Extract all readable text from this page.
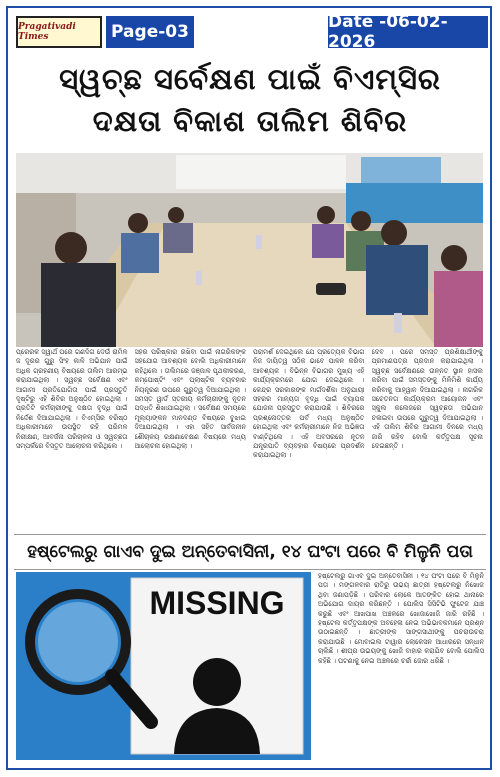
Pragativadi Times	Page-03	Date -06-02-2026
ସ୍ୱଚ୍ଛ ସର୍ବେକ୍ଷଣ ପାଇଁ ବିଏମ୍‌ସିର
ଦକ୍ଷତା ବିକାଶ ତାଲିମ ଶିବିର
ପ୍ରେରକ ସ୍ୱାର୍ଥ ପରେ ଗଣଦିଗ ଦେଉଁ ରାମିଳ ଜ ଦୂରର ଗୁରୁ ସିଂହ କାଳି ଅଭିଯାନ ପାଇଁ ଅଧିକ ଗ୍ରହଣୀୟ ବିଷୟରେ ତାଲିମ ଆରମ୍ଭ କରାଯାଇଥିଲା । ସ୍ୱଚ୍ଛ ସର୍ବେକ୍ଷଣ ଏବଂ ଆଗାମୀ ପ୍ରତିଯୋଗିତା ପାଇଁ ପ୍ରସ୍ତୁତି ଦୃଷ୍ଟିରୁ ଏହି ଶିବିର ଅନୁଷ୍ଠିତ ହୋଇଥିଲା । ପ୍ରତିଟି କର୍ମଚାରୀଙ୍କୁ ଦକ୍ଷତା ବୃଦ୍ଧି ପାଇଁ ନିର୍ଦ୍ଦେଶ ଦିଆଯାଇଥିଲା । ବିଏମ୍‌ସିର ବରିଷ୍ଠ ଅଧିକାରୀମାନେ ଉପସ୍ଥିତ ରହି ପରିମଳ ନିରୀକ୍ଷଣ, ଆବର୍ଜନା ପରିଚାଳନା ଓ ସ୍ୱଚ୍ଛତା ସମ୍ପର୍କରେ ବିସ୍ତୃତ ଆଲୋଚନା କରିଥିଲେ ।
ସହର ପରିଷ୍କାର ରଖିବା ପାଇଁ ନାଗରିକଙ୍କ ସହଯୋଗ ଆବଶ୍ୟକ ବୋଲି ଅଧିକାରୀମାନେ କହିଥିଲେ । ତାଲିମରେ ଜଞ୍ଜାଳ ପୃଥକୀକରଣ, କମ୍ପୋଷ୍ଟିଂ ଏବଂ ପ୍ଲାଷ୍ଟିକ ବ୍ୟବହାର ନିୟନ୍ତ୍ରଣ ଉପରେ ଗୁରୁତ୍ୱ ଦିଆଯାଇଥିଲା । ସମସ୍ତ ୱାର୍ଡ ସ୍ତରୀୟ କର୍ମଚାରୀଙ୍କୁ ନୂତନ ପଦ୍ଧତି ଶିଖାଯାଇଥିଲା । ସର୍ବେକ୍ଷଣ ସମୟରେ ମୂଲ୍ୟାଙ୍କନ ମାନଦଣ୍ଡ ବିଷୟରେ ବୁଝାଇ ଦିଆଯାଇଥିଲା । ଏହା ସହିତ ସାର୍ବଜନୀନ ଶୌଚାଳୟ ରକ୍ଷଣାବେକ୍ଷଣ ବିଷୟରେ ମଧ୍ୟ ଆଲୋଚନା ହୋଇଥିଲା ।
ପରାମର୍ଶ ଦେଇଥିଲେ ଯେ ପ୍ରତ୍ୟେକ ବିଭାଗ ନିଜ ଦାୟିତ୍ୱ ସଠିକ ଭାବେ ପାଳନ କରିବା ଆବଶ୍ୟକ । ବିଭିନ୍ନ ବିଭାଗର ମୁଖ୍ୟ ଏହି କାର୍ଯ୍ୟକ୍ରମରେ ଯୋଗ ଦେଇଥିଲେ । କେନ୍ଦ୍ର ସରକାରଙ୍କ ମାର୍ଗଦର୍ଶିକା ଅନୁଯାୟୀ ସହରର ମାନ୍ୟତା ବୃଦ୍ଧି ପାଇଁ ବ୍ୟାପକ ଯୋଜନା ପ୍ରସ୍ତୁତ କରାଯାଉଛି । ଶିବିରରେ ପ୍ରଶ୍ନୋତ୍ତର ପର୍ବ ମଧ୍ୟ ଅନୁଷ୍ଠିତ ହୋଇଥିଲା ଏବଂ କର୍ମଚାରୀମାନେ ନିଜ ଅଭିଜ୍ଞତା ବାଣ୍ଟିଥିଲେ । ଏହି ଅବସରରେ ନୂତନ ଯନ୍ତ୍ରପାତି ବ୍ୟବହାର ବିଷୟରେ ପ୍ରଦର୍ଶନ କରାଯାଇଥିଲା ।
ଦେବ । ପରେ ସମସ୍ତ ପ୍ରଶିକ୍ଷାର୍ଥୀଙ୍କୁ ପ୍ରମାଣପତ୍ର ପ୍ରଦାନ କରାଯାଇଥିଲା । ସ୍ୱଚ୍ଛ ସର୍ବେକ୍ଷଣରେ ଉନ୍ନତ ସ୍ଥାନ ହାସଲ କରିବା ପାଇଁ ସମସ୍ତଙ୍କୁ ମିଳିମିଶି କାର୍ଯ୍ୟ କରିବାକୁ ଆହ୍ୱାନ ଦିଆଯାଇଥିଲା । ନାଗରିକ ସଚେତନତା କାର୍ଯ୍ୟକ୍ରମ ଆୟୋଜନ ଏବଂ ସ୍କୁଲ କଲେଜରେ ସ୍ୱଚ୍ଛତା ଅଭିଯାନ ଚଳାଇବା ଉପରେ ଗୁରୁତ୍ୱ ଦିଆଯାଇଥିଲା । ଏହି ତାଲିମ ଶିବିର ଆଗାମୀ ଦିନରେ ମଧ୍ୟ ଜାରି ରହିବ ବୋଲି କର୍ତ୍ତୃପକ୍ଷ ସୂଚନା ଦେଇଛନ୍ତି ।
ହଷ୍ଟେଲରୁ ଗାଏବ ଦୁଇ ଅନ୍ତେବାସିନୀ, ୧୪ ଘଂଟା ପରେ ବି ମିଳୁନି ପତା
MISSING
ହଷ୍ଟେଲରୁ ଗାଏବ ଦୁଇ ଅନ୍ତେବାସିନୀ । ୧୪ ଘଂଟା ପରେ ବି ମିଳୁନି ପତା । ମଙ୍ଗଳବାର ରାତିରୁ ଉଭୟ ଛାତ୍ରୀ ହଷ୍ଟେଲରୁ ନିଖୋଜ ଥିବା ଜଣାପଡ଼ିଛି । ପରିବାର ଲୋକେ ଆତଙ୍କିତ ହୋଇ ଥାନାରେ ଅଭିଯୋଗ ଦାୟର କରିଛନ୍ତି । ପୋଲିସ ସିସିଟିଭି ଫୁଟେଜ ଯାଞ୍ଚ କରୁଛି ଏବଂ ଆଖପାଖ ଅଞ୍ଚଳରେ ଖୋଜାଖୋଜି ଜାରି ରହିଛି । ହଷ୍ଟେଲ କର୍ତ୍ତୃପକ୍ଷଙ୍କ ଅବହେଳା ନେଇ ଅଭିଭାବକମାନେ ପ୍ରଶ୍ନ ଉଠାଇଛନ୍ତି । ଛାତ୍ରୀଙ୍କ ସାଙ୍ଗସାଥୀଙ୍କୁ ପଚରାଉଚରା କରାଯାଉଛି । ମୋବାଇଲ ଟାୱାର ଲୋକେସନ ଆଧାରରେ ସନ୍ଧାନ ଚାଲିଛି । ଶୀଘ୍ର ଉଭୟଙ୍କୁ ଖୋଜି ବାହାର କରାଯିବ ବୋଲି ପୋଲିସ କହିଛି । ଘଟଣାକୁ ନେଇ ଅଞ୍ଚଳରେ ଚର୍ଚ୍ଚା ଜୋର ଧରିଛି ।
